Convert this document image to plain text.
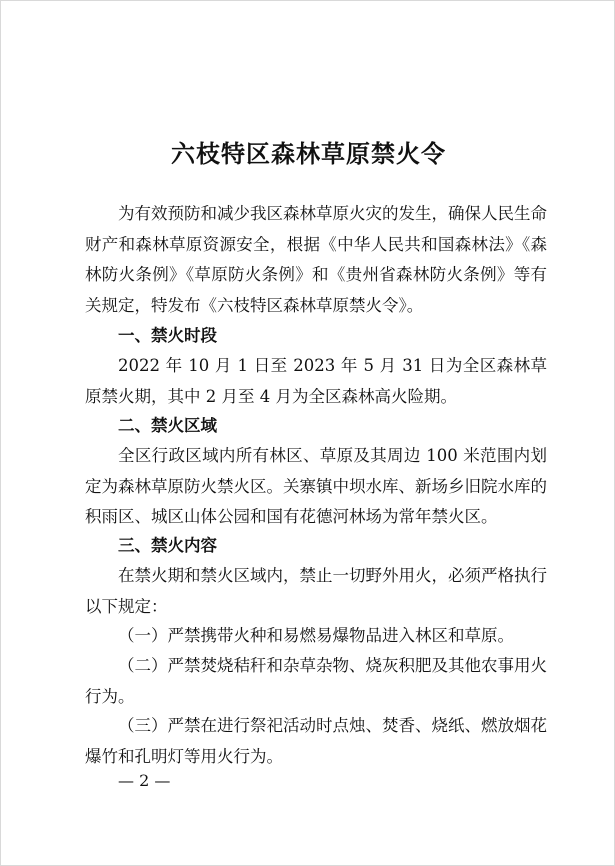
六枝特区森林草原禁火令

为有效预防和减少我区森林草原火灾的发生，确保人民生命财产和森林草原资源安全，根据《中华人民共和国森林法》《森林防火条例》《草原防火条例》和《贵州省森林防火条例》等有关规定，特发布《六枝特区森林草原禁火令》。

一、禁火时段

2022 年 10 月 1 日至 2023 年 5 月 31 日为全区森林草原禁火期，其中 2 月至 4 月为全区森林高火险期。

二、禁火区域

全区行政区域内所有林区、草原及其周边 100 米范围内划定为森林草原防火禁火区。关寨镇中坝水库、新场乡旧院水库的积雨区、城区山体公园和国有花德河林场为常年禁火区。

三、禁火内容

在禁火期和禁火区域内，禁止一切野外用火，必须严格执行以下规定：

（一）严禁携带火种和易燃易爆物品进入林区和草原。

（二）严禁焚烧秸秆和杂草杂物、烧灰积肥及其他农事用火行为。

（三）严禁在进行祭祀活动时点烛、焚香、烧纸、燃放烟花爆竹和孔明灯等用火行为。

— 2 —
